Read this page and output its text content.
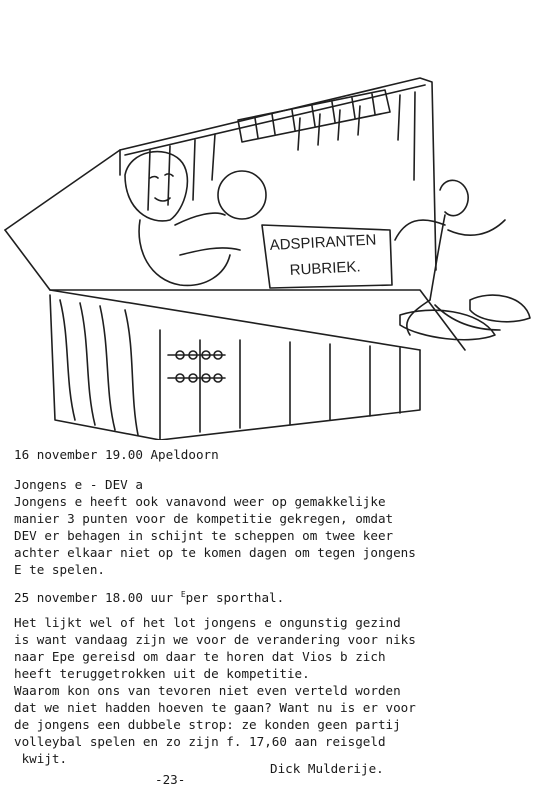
ADSPIRANTEN
RUBRIEK.
16 november 19.00 Apeldoorn
Jongens e - DEV a
Jongens e heeft ook vanavond weer op gemakkelijke
manier 3 punten voor de kompetitie gekregen, omdat
DEV er behagen in schijnt te scheppen om twee keer
achter elkaar niet op te komen dagen om tegen jongens
E te spelen.
25 november 18.00 uur $^E$per sporthal.
Het lijkt wel of het lot jongens e ongunstig gezind
is want vandaag zijn we voor de verandering voor niks
naar Epe gereisd om daar te horen dat Vios b zich
heeft teruggetrokken uit de kompetitie.
Waarom kon ons van tevoren niet even verteld worden
dat we niet hadden hoeven te gaan? Want nu is er voor
de jongens een dubbele strop: ze konden geen partij
volleybal spelen en zo zijn f. 17,60 aan reisgeld
kwijt.
Dick Mulderije.
-23-
